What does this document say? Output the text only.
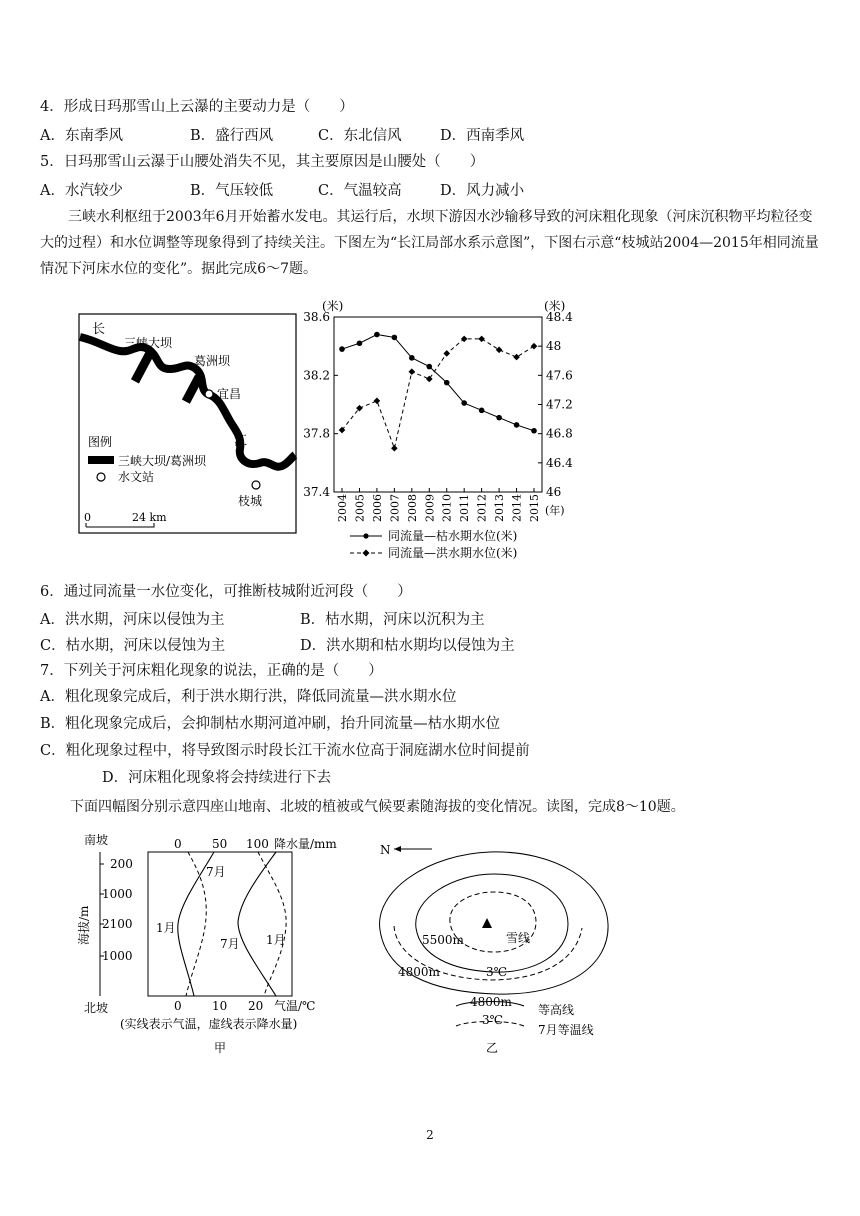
4．形成日玛那雪山上云瀑的主要动力是（　　）
A．东南季风	B．盛行西风	C．东北信风	D．西南季风
5．日玛那雪山云瀑于山腰处消失不见，其主要原因是山腰处（　　）
A．水汽较少	B．气压较低	C．气温较高	D．风力减小
三峡水利枢纽于2003年6月开始蓄水发电。其运行后，水坝下游因水沙输移导致的河床粗化现象（河床沉积物平均粒径变大的过程）和水位调整等现象得到了持续关注。下图左为“长江局部水系示意图”，下图右示意“枝城站2004—2015年相同流量情况下河床水位的变化”。据此完成6～7题。
长
江
三峡大坝
葛洲坝
宜昌
枝城
图例
三峡大坝/葛洲坝
水文站
0	24 km
(米)	(米)
(年)
38.6
38.2
37.8
37.4
48.4
48
47.6
47.2
46.8
46.4
46
2004 2005 2006 2007 2008 2009 2010 2011 2012 2013 2014 2015
同流量—枯水期水位(米)
同流量—洪水期水位(米)
6．通过同流量一水位变化，可推断枝城附近河段（　　）
A．洪水期，河床以侵蚀为主	B．枯水期，河床以沉积为主
C．枯水期，河床以侵蚀为主	D．洪水期和枯水期均以侵蚀为主
7．下列关于河床粗化现象的说法，正确的是（　　）
A．粗化现象完成后，利于洪水期行洪，降低同流量—洪水期水位
B．粗化现象完成后，会抑制枯水期河道冲刷，抬升同流量—枯水期水位
C．粗化现象过程中，将导致图示时段长江干流水位高于洞庭湖水位时间提前
D．河床粗化现象将会持续进行下去
下面四幅图分别示意四座山地南、北坡的植被或气候要素随海拔的变化情况。读图，完成8～10题。
南坡
北坡
海拔/m
200
1000
2100
1000
0	50 100 降水量/mm
0	10 20 气温/℃
1月
7月
7月 1月
(实线表示气温，虚线表示降水量)
甲
N
5500m	雪线
4800m	3℃
4800m
等高线
3℃
7月等温线
乙
2
